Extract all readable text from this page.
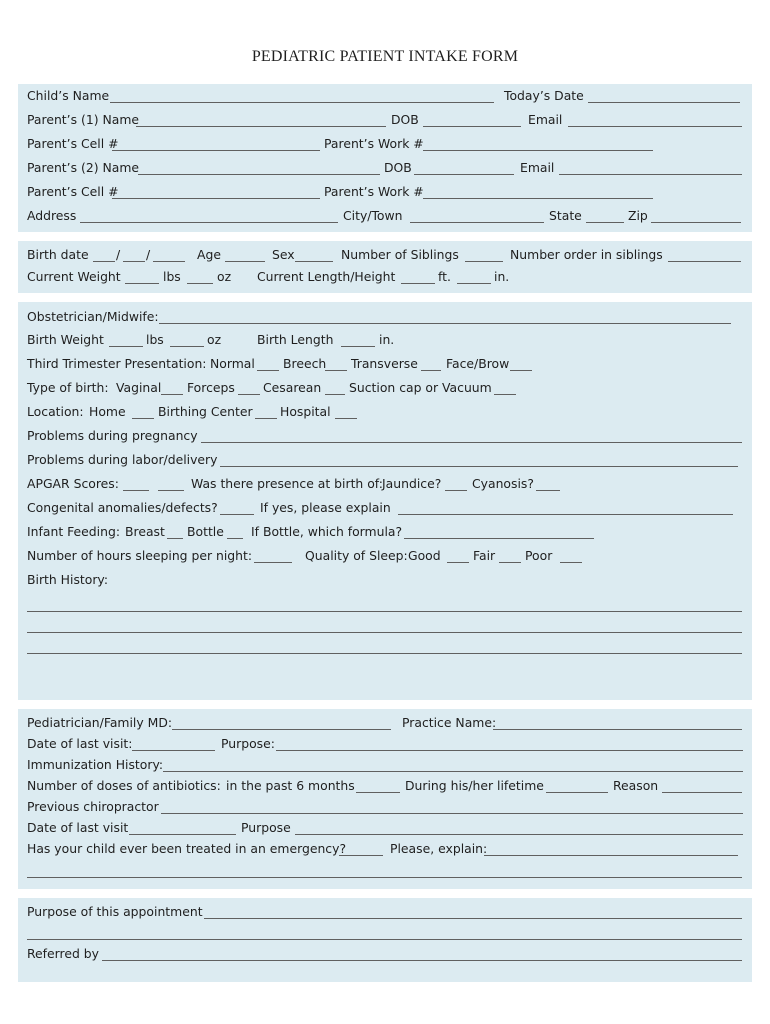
PEDIATRIC PATIENT INTAKE FORM
Child’s Name	Today’s Date
Parent’s (1) Name	DOB	Email
Parent’s Cell #	Parent’s Work #
Parent’s (2) Name	DOB	Email
Parent’s Cell #	Parent’s Work #
Address	City/Town	State	Zip
Birth date / /	Age	Sex	Number of Siblings	Number order in siblings
Current Weight	lbs	oz Current Length/Height	ft.	in.
Obstetrician/Midwife:
Birth Weight	lbs	oz	Birth Length	in.
Third Trimester Presentation: Normal Breech Transverse Face/Brow
Type of birth: Vaginal Forceps Cesarean Suction cap or Vacuum
Location: Home	Birthing Center Hospital
Problems during pregnancy
Problems during labor/delivery
APGAR Scores:	Was there presence at birth of: Jaundice? Cyanosis?
Congenital anomalies/defects?	If yes, please explain
Infant Feeding: Breast Bottle If Bottle, which formula?
Number of hours sleeping per night:	Quality of Sleep: Good	Fair Poor
Birth History:
Pediatrician/Family MD:	Practice Name:
Date of last visit:	Purpose:
Immunization History:
Number of doses of antibiotics: in the past 6 months	During his/her lifetime	Reason
Previous chiropractor
Date of last visit	Purpose
Has your child ever been treated in an emergency?	Please, explain:
Purpose of this appointment
Referred by
